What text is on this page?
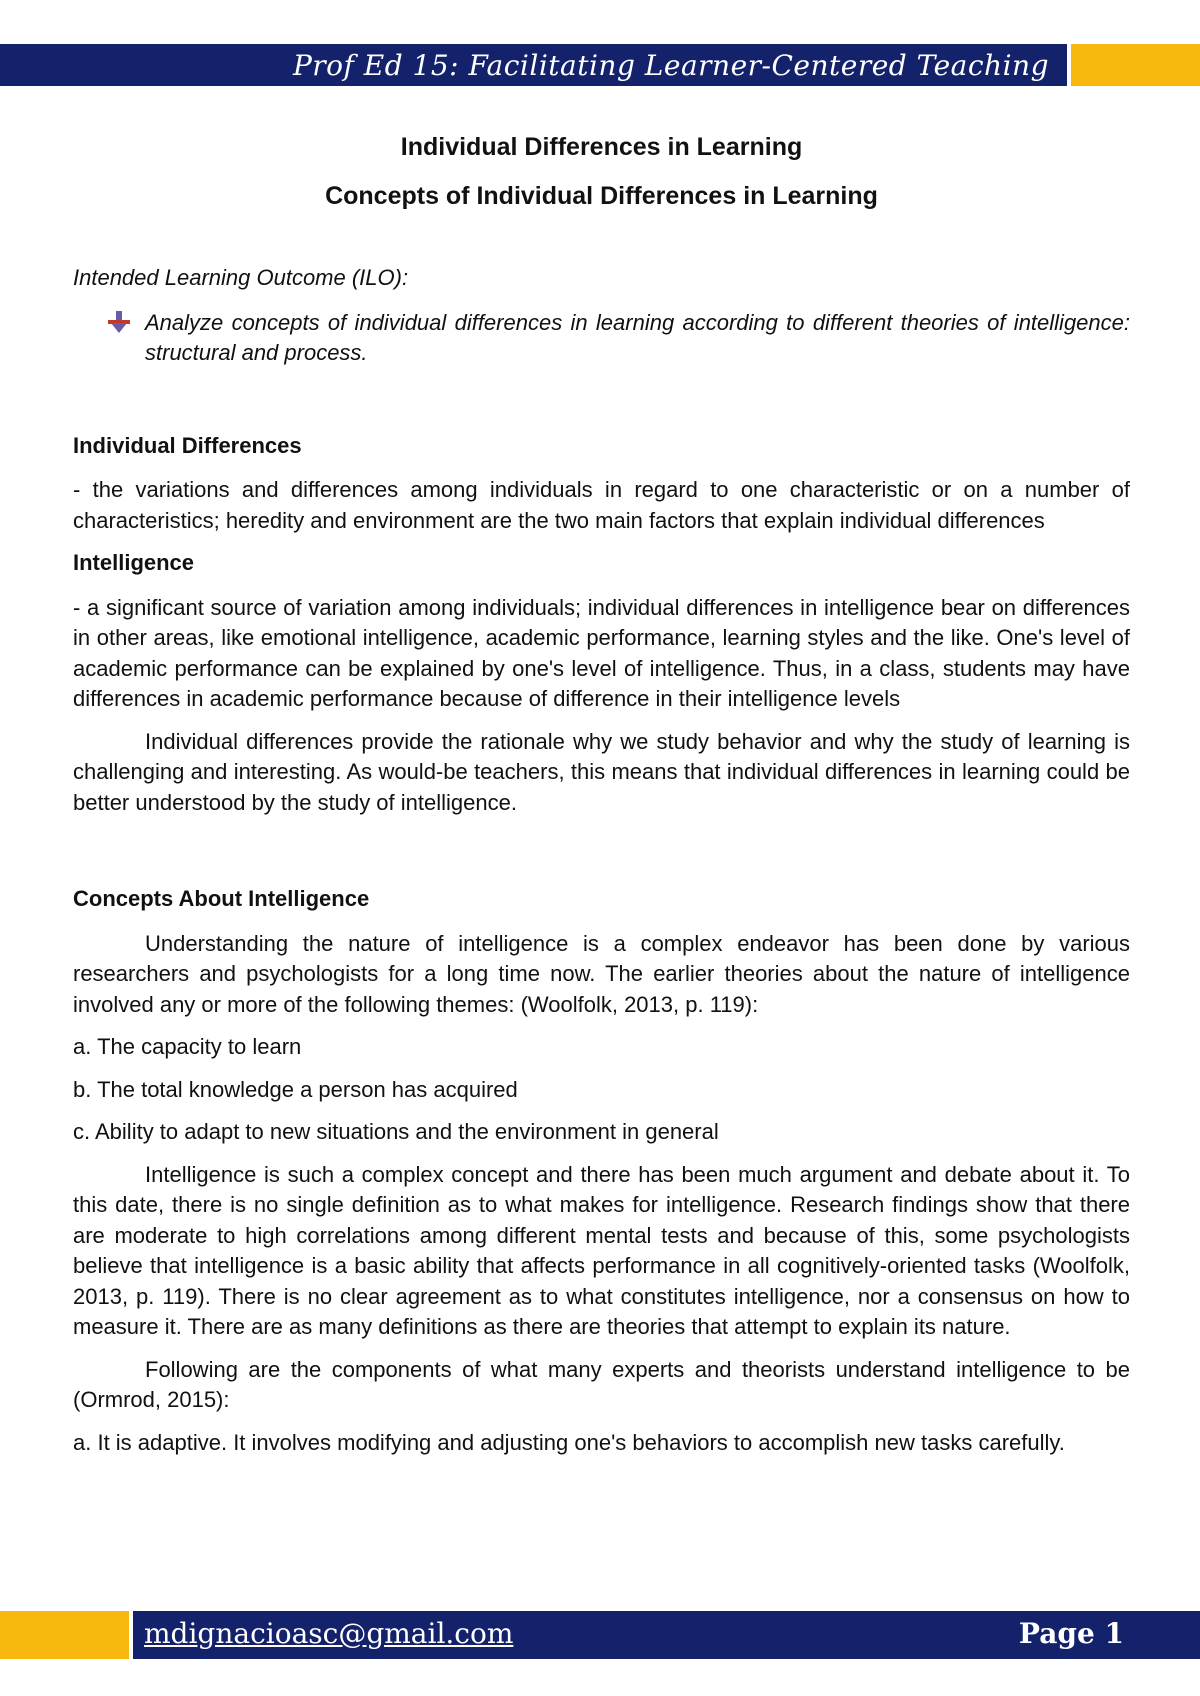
Prof Ed 15: Facilitating Learner-Centered Teaching

Individual Differences in Learning

Concepts of Individual Differences in Learning

Intended Learning Outcome (ILO):

Analyze concepts of individual differences in learning according to different theories of intelligence: structural and process.

Individual Differences

- the variations and differences among individuals in regard to one characteristic or on a number of characteristics; heredity and environment are the two main factors that explain individual differences

Intelligence

- a significant source of variation among individuals; individual differences in intelligence bear on differences in other areas, like emotional intelligence, academic performance, learning styles and the like. One's level of academic performance can be explained by one's level of intelligence. Thus, in a class, students may have differences in academic performance because of difference in their intelligence levels

Individual differences provide the rationale why we study behavior and why the study of learning is challenging and interesting. As would-be teachers, this means that individual differences in learning could be better understood by the study of intelligence.

Concepts About Intelligence

Understanding the nature of intelligence is a complex endeavor has been done by various researchers and psychologists for a long time now. The earlier theories about the nature of intelligence involved any or more of the following themes: (Woolfolk, 2013, p. 119):

a. The capacity to learn

b. The total knowledge a person has acquired

c. Ability to adapt to new situations and the environment in general

Intelligence is such a complex concept and there has been much argument and debate about it. To this date, there is no single definition as to what makes for intelligence. Research findings show that there are moderate to high correlations among different mental tests and because of this, some psychologists believe that intelligence is a basic ability that affects performance in all cognitively-oriented tasks (Woolfolk, 2013, p. 119). There is no clear agreement as to what constitutes intelligence, nor a consensus on how to measure it. There are as many definitions as there are theories that attempt to explain its nature.

Following are the components of what many experts and theorists understand intelligence to be (Ormrod, 2015):

a. It is adaptive. It involves modifying and adjusting one's behaviors to accomplish new tasks carefully.

mdignacioasc@gmail.com	Page 1
